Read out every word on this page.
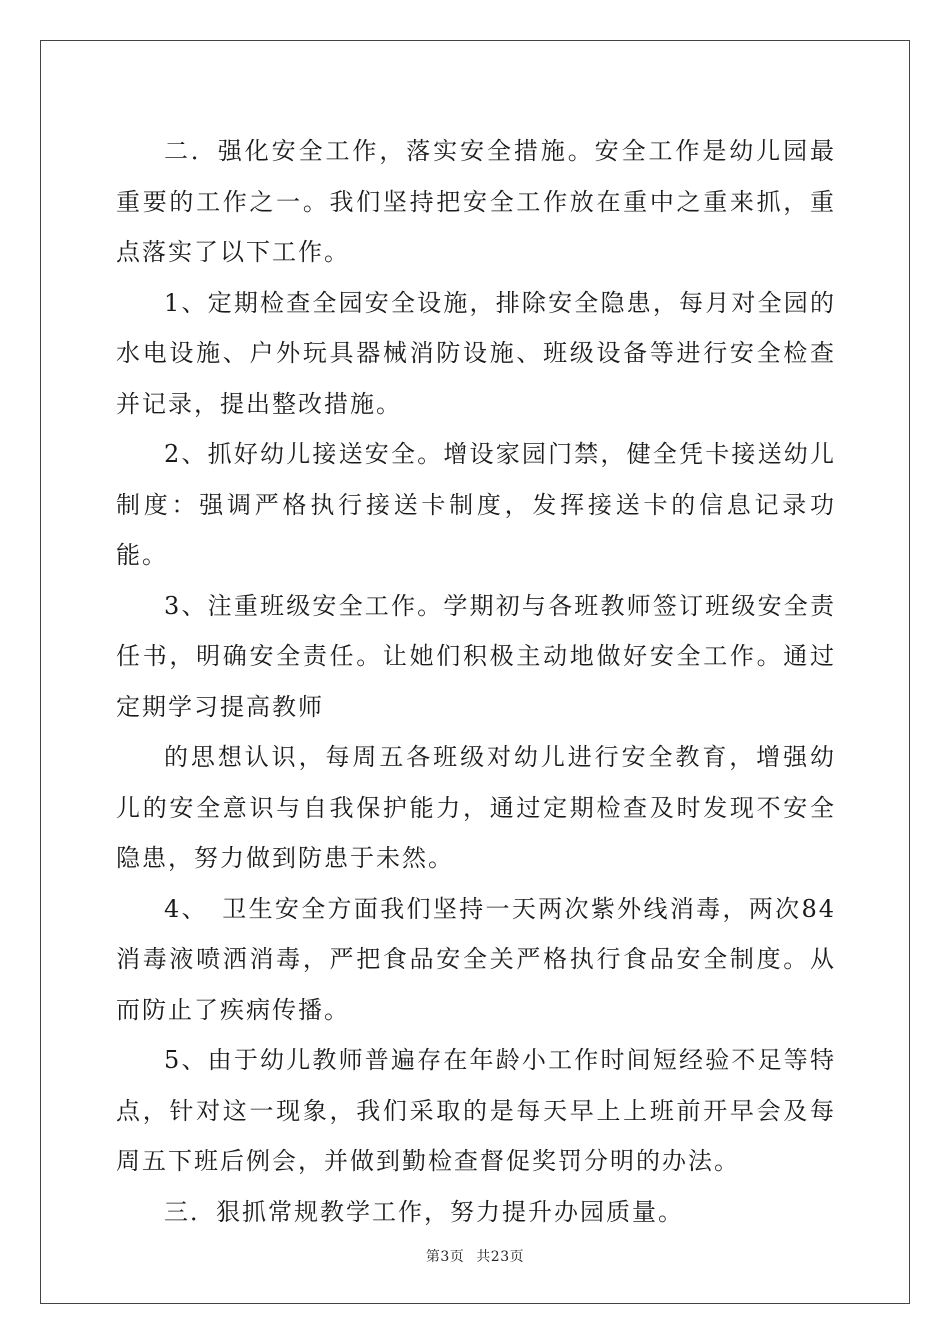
二．强化安全工作，落实安全措施。安全工作是幼儿园最重要的工作之一。我们坚持把安全工作放在重中之重来抓，重点落实了以下工作。

1、定期检查全园安全设施，排除安全隐患，每月对全园的水电设施、户外玩具器械消防设施、班级设备等进行安全检查并记录，提出整改措施。

2、抓好幼儿接送安全。增设家园门禁，健全凭卡接送幼儿制度：强调严格执行接送卡制度，发挥接送卡的信息记录功能。

3、注重班级安全工作。学期初与各班教师签订班级安全责任书，明确安全责任。让她们积极主动地做好安全工作。通过定期学习提高教师

的思想认识，每周五各班级对幼儿进行安全教育，增强幼儿的安全意识与自我保护能力，通过定期检查及时发现不安全隐患，努力做到防患于未然。

4、　卫生安全方面我们坚持一天两次紫外线消毒，两次84消毒液喷洒消毒，严把食品安全关严格执行食品安全制度。从而防止了疾病传播。

5、由于幼儿教师普遍存在年龄小工作时间短经验不足等特点，针对这一现象，我们采取的是每天早上上班前开早会及每周五下班后例会，并做到勤检查督促奖罚分明的办法。

三．狠抓常规教学工作，努力提升办园质量。

第3页 共23页
